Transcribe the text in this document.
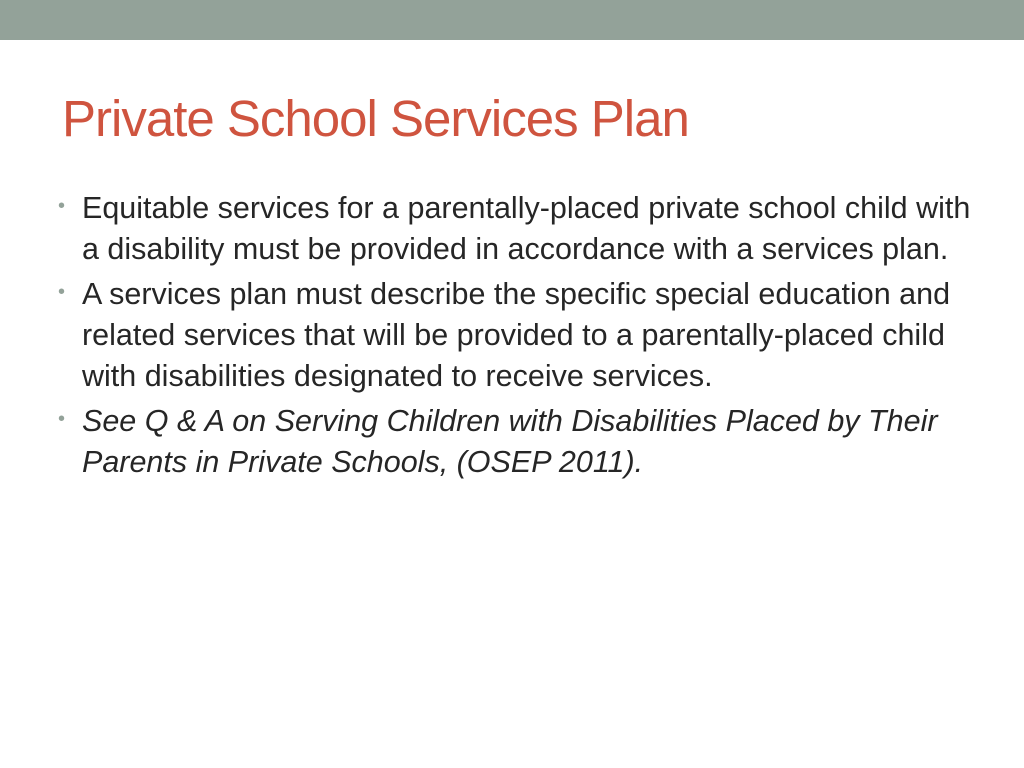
Private School Services Plan
• Equitable services for a parentally-placed private school child with a disability must be provided in accordance with a services plan.
• A services plan must describe the specific special education and related services that will be provided to a parentally-placed child with disabilities designated to receive services.
• See Q & A on Serving Children with Disabilities Placed by Their Parents in Private Schools, (OSEP 2011).
